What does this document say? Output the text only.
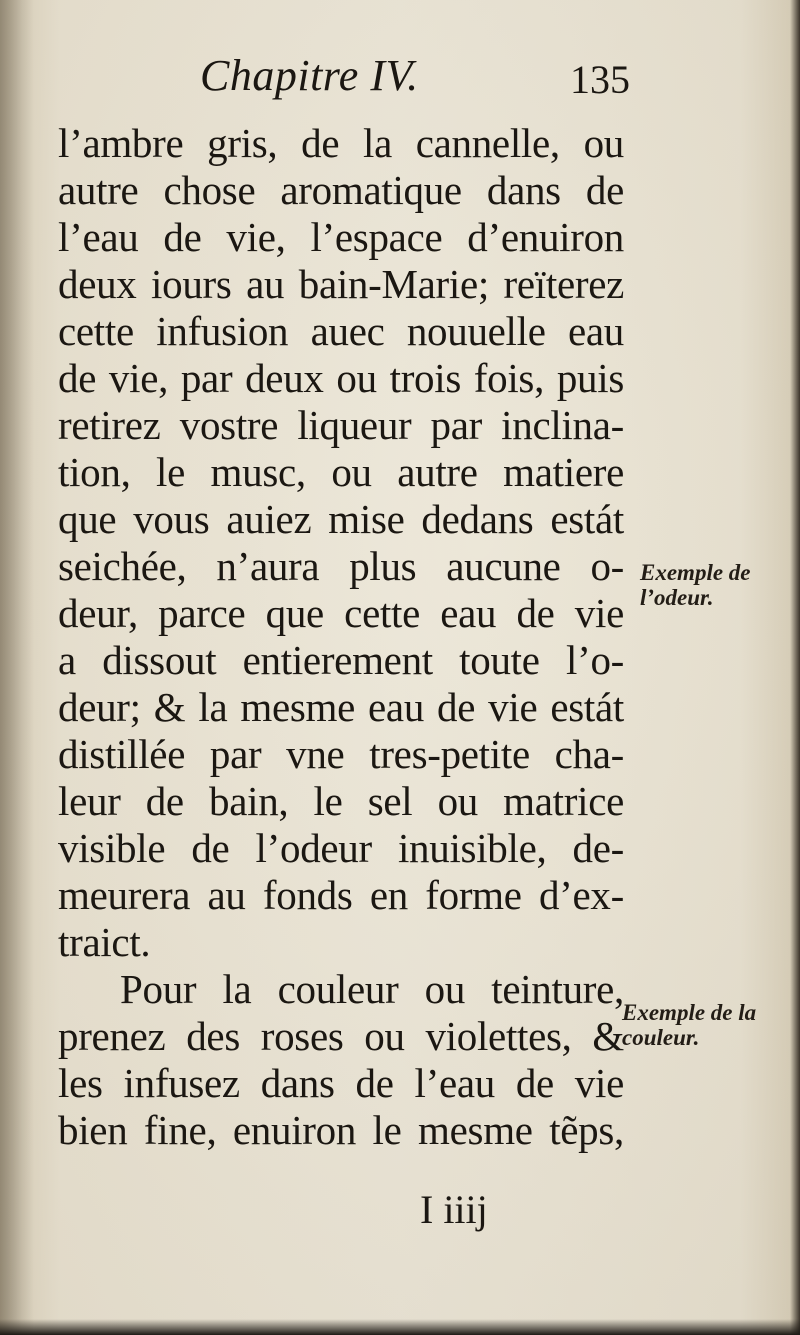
Chapitre IV.	135
l’ambre gris, de la cannelle, ou
autre chose aromatique dans de
l’eau de vie, l’espace d’enuiron
deux iours au bain-Marie; reïterez
cette infusion auec nouuelle eau
de vie, par deux ou trois fois, puis
retirez vostre liqueur par inclina-
tion, le musc, ou autre matiere
que vous auiez mise dedans estát
seichée, n’aura plus aucune o-
deur, parce que cette eau de vie
a dissout entierement toute l’o-
deur; & la mesme eau de vie estát
distillée par vne tres-petite cha-
leur de bain, le sel ou matrice
visible de l’odeur inuisible, de-
meurera au fonds en forme d’ex-
traict.
Pour la couleur ou teinture,
prenez des roses ou violettes, &
les infusez dans de l’eau de vie
bien fine, enuiron le mesme tẽps,
I iiij
Exemple de l’odeur.
Exemple de la couleur.
